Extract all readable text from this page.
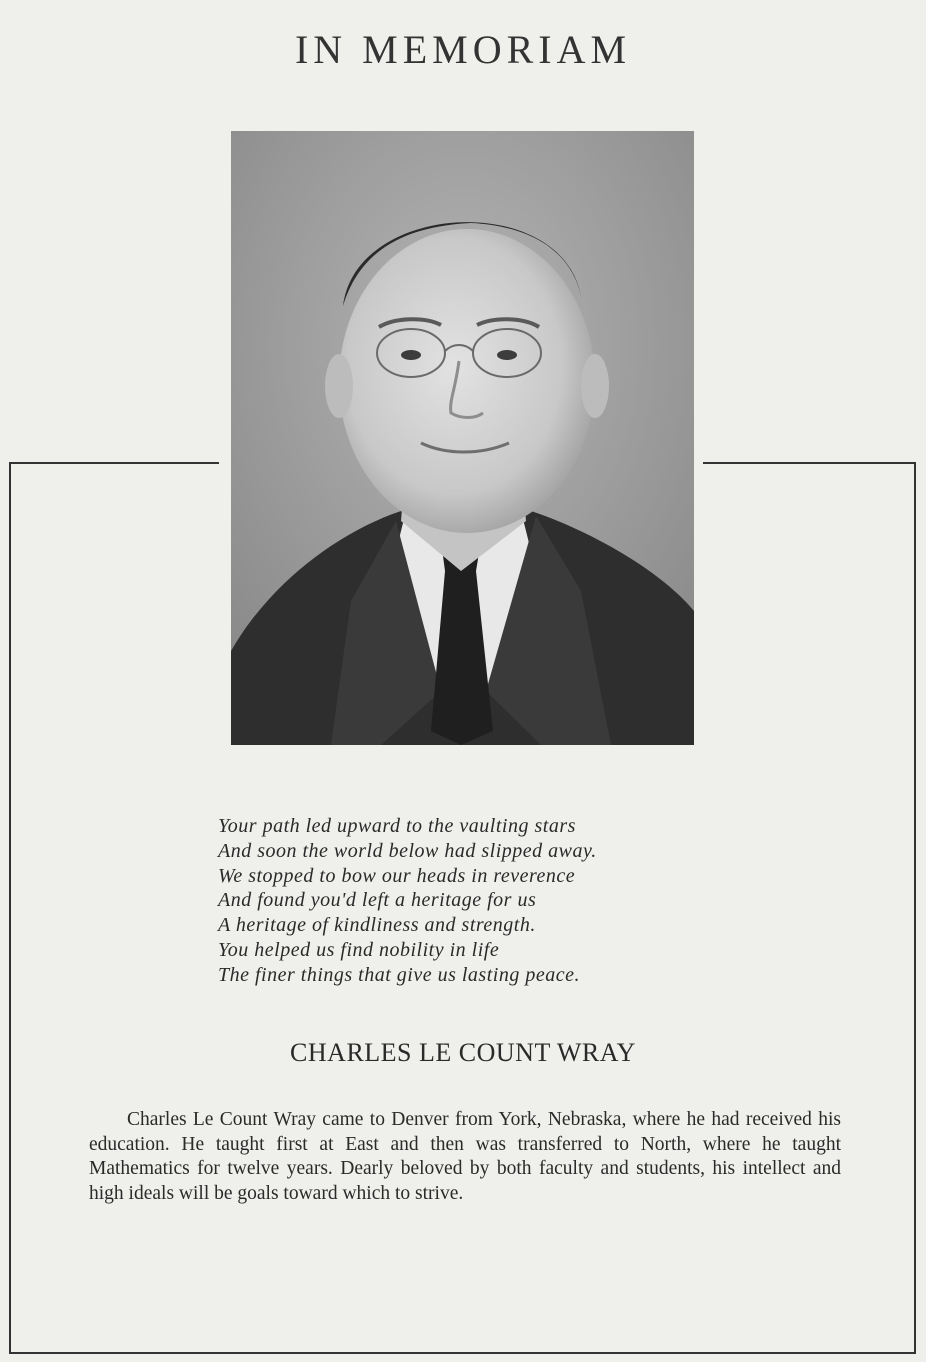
IN MEMORIAM
Your path led upward to the vaulting stars
And soon the world below had slipped away.
We stopped to bow our heads in reverence
And found you'd left a heritage for us
A heritage of kindliness and strength.
You helped us find nobility in life
The finer things that give us lasting peace.
CHARLES LE COUNT WRAY
Charles Le Count Wray came to Denver from York, Nebraska, where he had received his education. He taught first at East and then was transferred to North, where he taught Mathematics for twelve years. Dearly beloved by both faculty and students, his intellect and high ideals will be goals toward which to strive.
